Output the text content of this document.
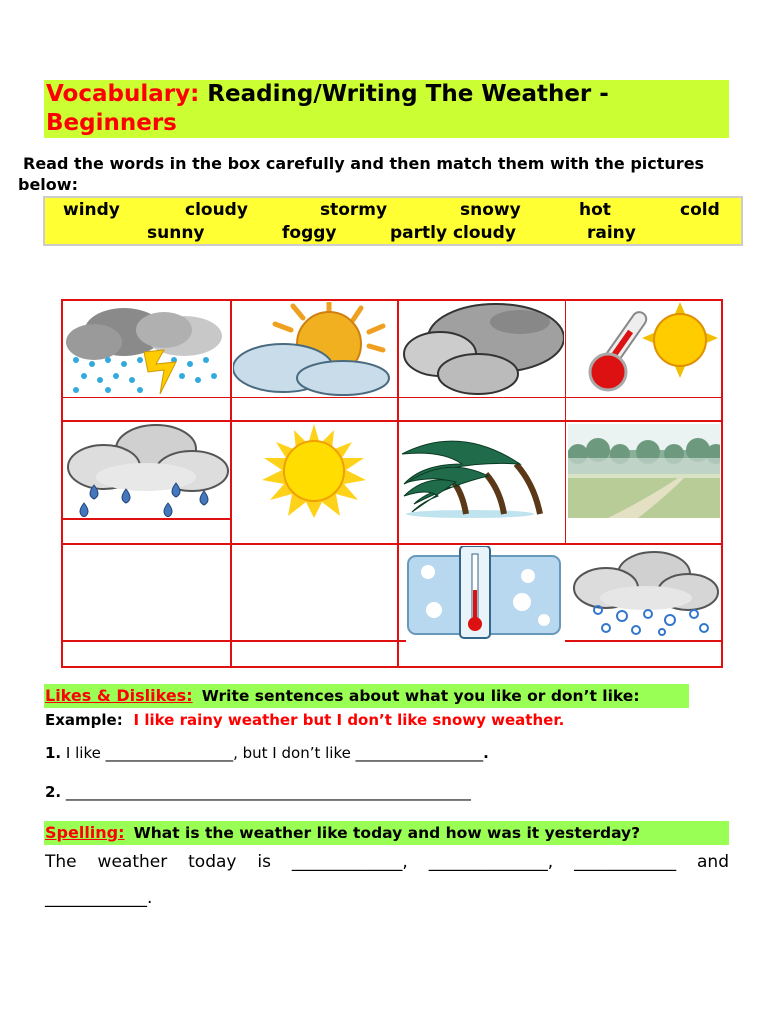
Vocabulary: Reading/Writing The Weather -
Beginners
Read the words in the box carefully and then match them with the pictures below:
windy	cloudy	stormy	snowy	hot	cold
sunny	foggy	partly cloudy	rainy
Likes & Dislikes: Write sentences about what you like or don’t like:
Example: I like rainy weather but I don’t like snowy weather.
1. I like _________________, but I don’t like _________________.
2. ______________________________________________________
Spelling: What is the weather like today and how was it yesterday?
The weather today is _____________, ______________, ____________ and
____________.
